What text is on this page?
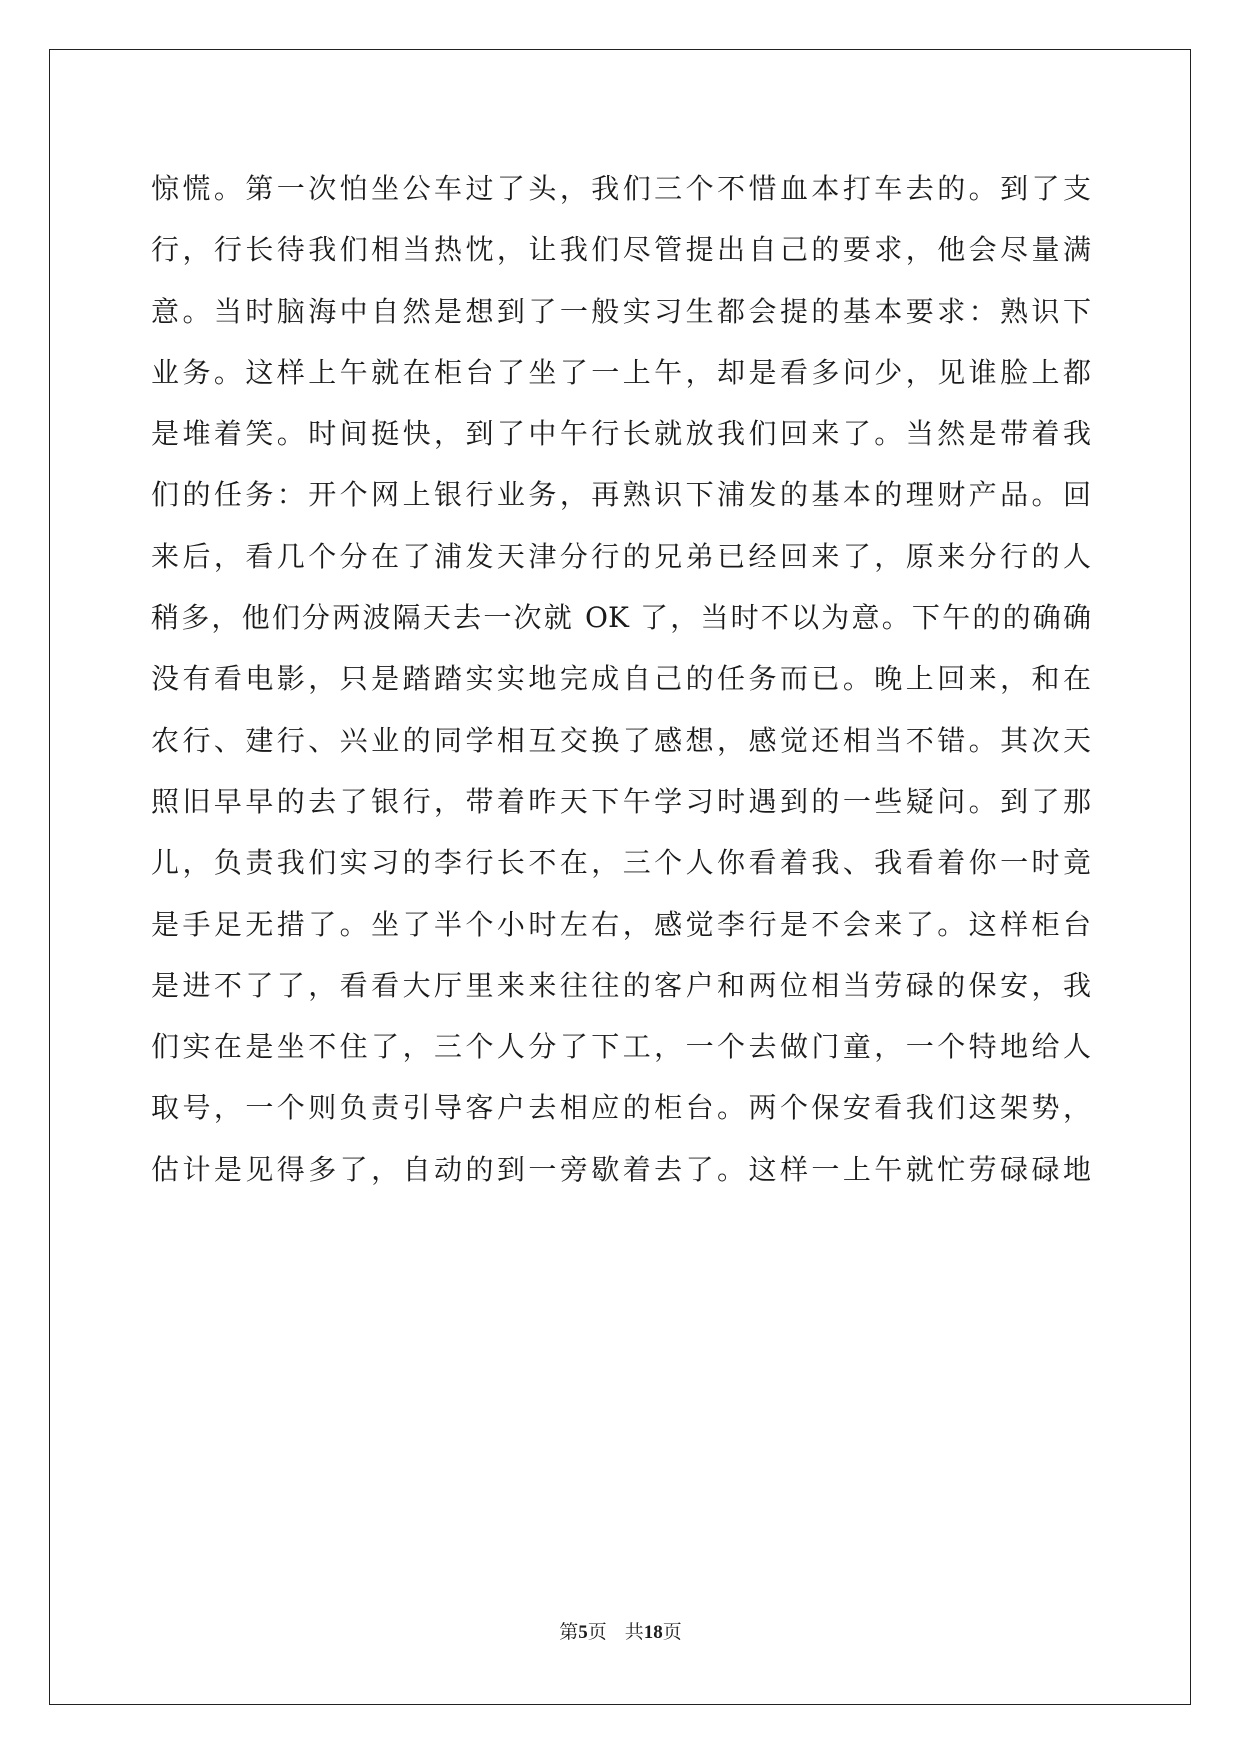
惊慌。第一次怕坐公车过了头，我们三个不惜血本打车去的。到了支
行，行长待我们相当热忱，让我们尽管提出自己的要求，他会尽量满
意。当时脑海中自然是想到了一般实习生都会提的基本要求：熟识下
业务。这样上午就在柜台了坐了一上午，却是看多问少，见谁脸上都
是堆着笑。时间挺快，到了中午行长就放我们回来了。当然是带着我
们的任务：开个网上银行业务，再熟识下浦发的基本的理财产品。回
来后，看几个分在了浦发天津分行的兄弟已经回来了，原来分行的人
稍多，他们分两波隔天去一次就 OK 了，当时不以为意。下午的的确确
没有看电影，只是踏踏实实地完成自己的任务而已。晚上回来，和在
农行、建行、兴业的同学相互交换了感想，感觉还相当不错。其次天
照旧早早的去了银行，带着昨天下午学习时遇到的一些疑问。到了那
儿，负责我们实习的李行长不在，三个人你看着我、我看着你一时竟
是手足无措了。坐了半个小时左右，感觉李行是不会来了。这样柜台
是进不了了，看看大厅里来来往往的客户和两位相当劳碌的保安，我
们实在是坐不住了，三个人分了下工，一个去做门童，一个特地给人
取号，一个则负责引导客户去相应的柜台。两个保安看我们这架势，
估计是见得多了，自动的到一旁歇着去了。这样一上午就忙劳碌碌地
第5页 共18页
